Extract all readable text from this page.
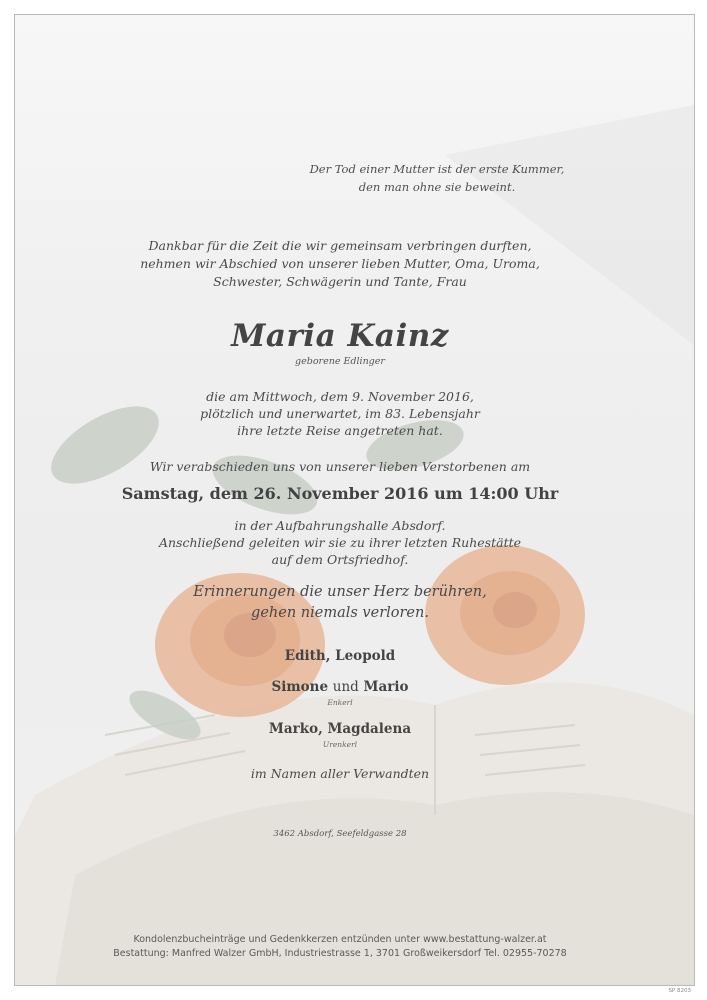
Der Tod einer Mutter ist der erste Kummer,
den man ohne sie beweint.
Dankbar für die Zeit die wir gemeinsam verbringen durften,
nehmen wir Abschied von unserer lieben Mutter, Oma, Uroma,
Schwester, Schwägerin und Tante, Frau
Maria Kainz
geborene Edlinger
die am Mittwoch, dem 9. November 2016,
plötzlich und unerwartet, im 83. Lebensjahr
ihre letzte Reise angetreten hat.
Wir verabschieden uns von unserer lieben Verstorbenen am
Samstag, dem 26. November 2016 um 14:00 Uhr
in der Aufbahrungshalle Absdorf.
Anschließend geleiten wir sie zu ihrer letzten Ruhestätte
auf dem Ortsfriedhof.
Erinnerungen die unser Herz berühren,
gehen niemals verloren.
Edith, Leopold
Simone und Mario
Enkerl
Marko, Magdalena
Urenkerl
im Namen aller Verwandten
3462 Absdorf, Seefeldgasse 28
Kondolenzbucheinträge und Gedenkkerzen entzünden unter www.bestattung-walzer.at
Bestattung: Manfred Walzer GmbH, Industriestrasse 1, 3701 Großweikersdorf Tel. 02955-70278
SP 8203
